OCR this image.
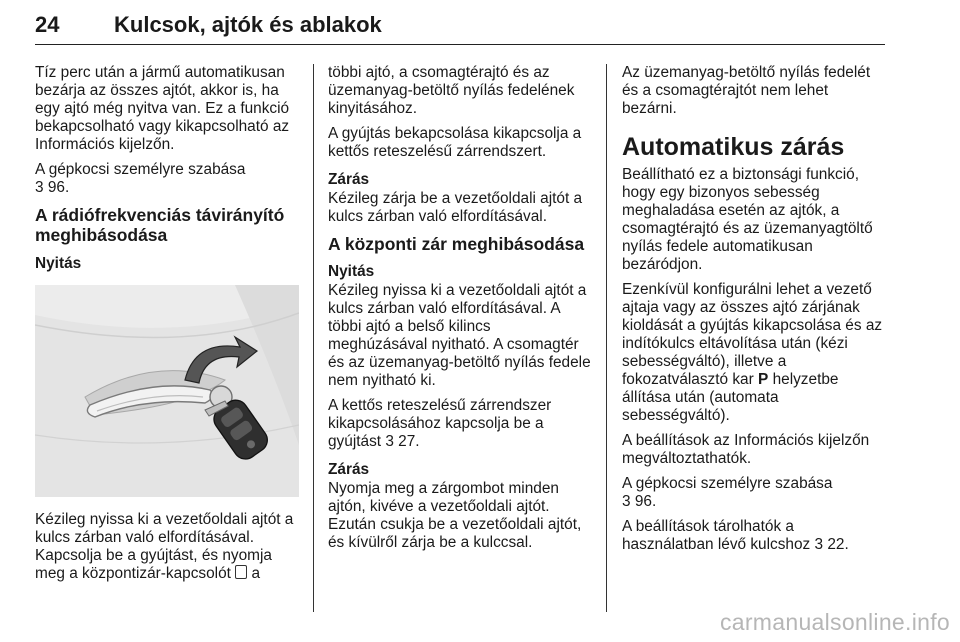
24 Kulcsok, ajtók és ablakok

Tíz perc után a jármű automatikusan bezárja az összes ajtót, akkor is, ha egy ajtó még nyitva van. Ez a funkció bekapcsolható vagy kikapcsolható az Információs kijelzőn.

A gépkocsi személyre szabása
3 96.

A rádiófrekvenciás távirányító meghibásodása
Nyitás

Kézileg nyissa ki a vezetőoldali ajtót a kulcs zárban való elfordításával. Kapcsolja be a gyújtást, és nyomja meg a központizár-kapcsolót a

többi ajtó, a csomagtérajtó és az üzemanyag-betöltő nyílás fedelének kinyitásához.

A gyújtás bekapcsolása kikapcsolja a kettős reteszelésű zárrendszert.

Zárás

Kézileg zárja be a vezetőoldali ajtót a kulcs zárban való elfordításával.

A központi zár meghibásodása
Nyitás

Kézileg nyissa ki a vezetőoldali ajtót a kulcs zárban való elfordításával. A többi ajtó a belső kilincs meghúzásával nyitható. A csomagtér és az üzemanyag-betöltő nyílás fedele nem nyitható ki.

A kettős reteszelésű zárrendszer kikapcsolásához kapcsolja be a gyújtást 3 27.

Zárás

Nyomja meg a zárgombot minden ajtón, kivéve a vezetőoldali ajtót. Ezután csukja be a vezetőoldali ajtót, és kívülről zárja be a kulccsal.

Az üzemanyag-betöltő nyílás fedelét és a csomagtérajtót nem lehet bezárni.

Automatikus zárás

Beállítható ez a biztonsági funkció, hogy egy bizonyos sebesség meghaladása esetén az ajtók, a csomagtérajtó és az üzemanyagtöltő nyílás fedele automatikusan bezáródjon.

Ezenkívül konfigurálni lehet a vezető ajtaja vagy az összes ajtó zárjának kioldását a gyújtás kikapcsolása és az indítókulcs eltávolítása után (kézi sebességváltó), illetve a fokozatválasztó kar P helyzetbe állítása után (automata sebességváltó).

A beállítások az Információs kijelzőn megváltoztathatók.

A gépkocsi személyre szabása
3 96.

A beállítások tárolhatók a használatban lévő kulcshoz 3 22.

carmanualsonline.info
